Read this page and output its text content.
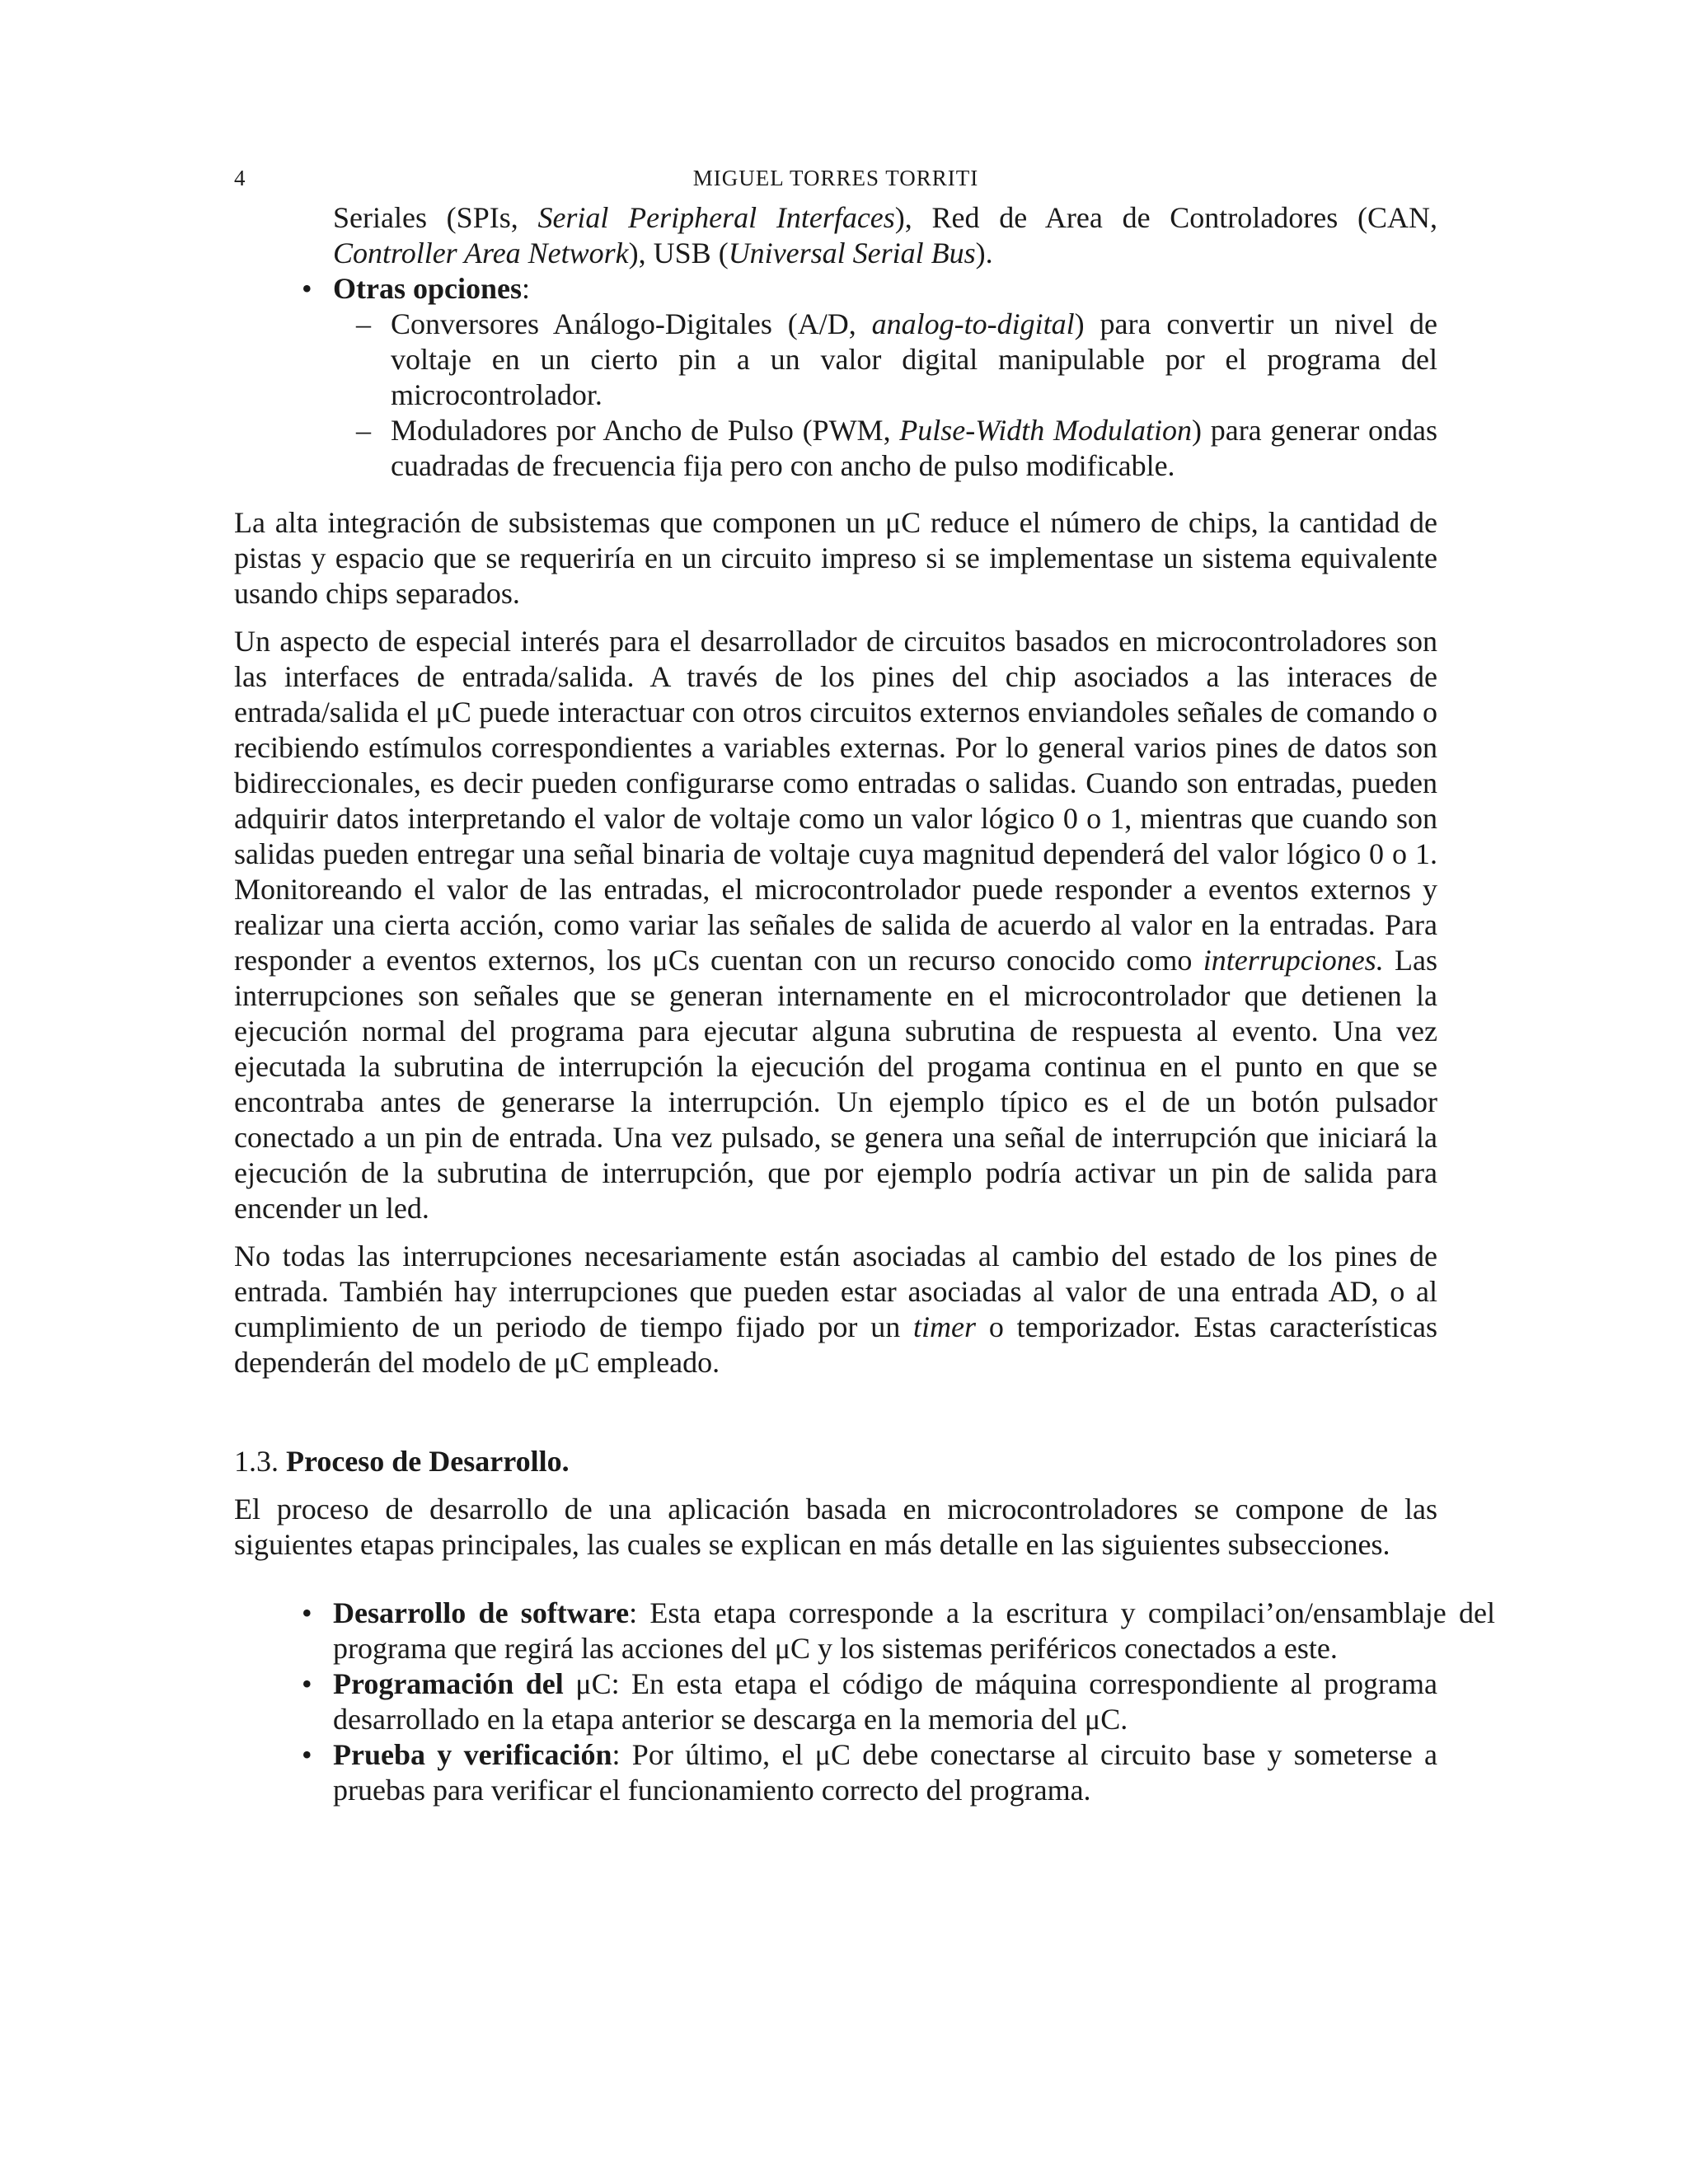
4	MIGUEL TORRES TORRITI
Seriales (SPIs, Serial Peripheral Interfaces), Red de Area de Controladores (CAN, Controller Area Network), USB (Universal Serial Bus).
• Otras opciones:
– Conversores Análogo-Digitales (A/D, analog-to-digital) para convertir un nivel de voltaje en un cierto pin a un valor digital manipulable por el programa del microcontrolador.
– Moduladores por Ancho de Pulso (PWM, Pulse-Width Modulation) para generar ondas cuadradas de frecuencia fija pero con ancho de pulso modificable.

La alta integración de subsistemas que componen un μC reduce el número de chips, la cantidad de pistas y espacio que se requeriría en un circuito impreso si se implementase un sistema equivalente usando chips separados.

Un aspecto de especial interés para el desarrollador de circuitos basados en microcontroladores son las interfaces de entrada/salida. A través de los pines del chip asociados a las interaces de entrada/salida el μC puede interactuar con otros circuitos externos enviandoles señales de comando o recibiendo estímulos correspondientes a variables externas. Por lo general varios pines de datos son bidireccionales, es decir pueden configurarse como entradas o salidas. Cuando son entradas, pueden adquirir datos interpretando el valor de voltaje como un valor lógico 0 o 1, mientras que cuando son salidas pueden entregar una señal binaria de voltaje cuya magnitud dependerá del valor lógico 0 o 1. Monitoreando el valor de las entradas, el microcontrolador puede responder a eventos externos y realizar una cierta acción, como variar las señales de salida de acuerdo al valor en la entradas. Para responder a eventos externos, los μCs cuentan con un recurso conocido como interrupciones. Las interrupciones son señales que se generan internamente en el microcontrolador que detienen la ejecución normal del programa para ejecutar alguna subrutina de respuesta al evento. Una vez ejecutada la subrutina de interrupción la ejecución del progama continua en el punto en que se encontraba antes de generarse la interrupción. Un ejemplo típico es el de un botón pulsador conectado a un pin de entrada. Una vez pulsado, se genera una señal de interrupción que iniciará la ejecución de la subrutina de interrupción, que por ejemplo podría activar un pin de salida para encender un led.

No todas las interrupciones necesariamente están asociadas al cambio del estado de los pines de entrada. También hay interrupciones que pueden estar asociadas al valor de una entrada AD, o al cumplimiento de un periodo de tiempo fijado por un timer o temporizador. Estas características dependerán del modelo de μC empleado.

1.3. Proceso de Desarrollo.

El proceso de desarrollo de una aplicación basada en microcontroladores se compone de las siguientes etapas principales, las cuales se explican en más detalle en las siguientes subsecciones.

• Desarrollo de software: Esta etapa corresponde a la escritura y compilaci’on/ensamblaje del programa que regirá las acciones del μC y los sistemas periféricos conectados a este.
• Programación del μC: En esta etapa el código de máquina correspondiente al programa desarrollado en la etapa anterior se descarga en la memoria del μC.
• Prueba y verificación: Por último, el μC debe conectarse al circuito base y someterse a pruebas para verificar el funcionamiento correcto del programa.
